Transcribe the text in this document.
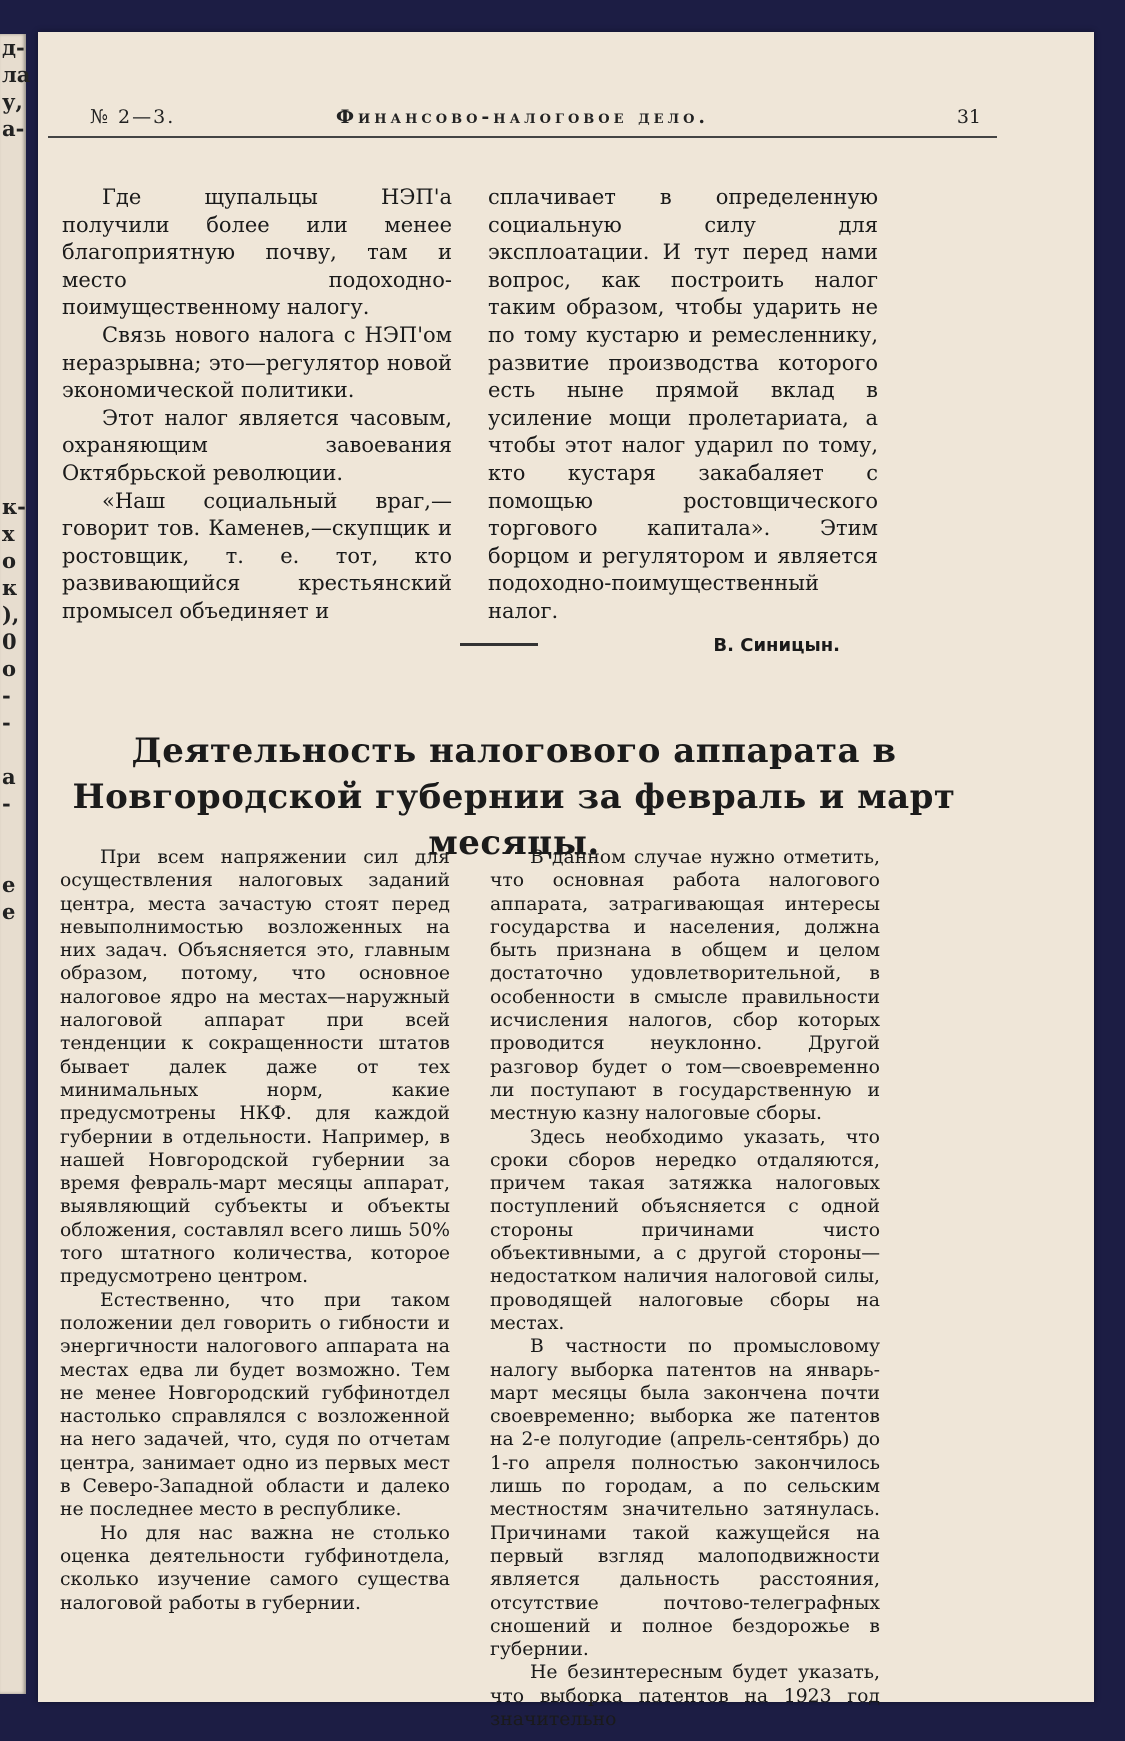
д-
ла
у,
а-

к-
х
о
к
),
0
о
-
-

а
-

е
е
№ 2—3.	Финансово-налоговое дело.	31

Где щупальцы НЭП'а получили более или менее благоприятную почву, там и место подоходно-поимущественному налогу.

Связь нового налога с НЭП'ом неразрывна; это—регулятор новой экономической политики.

Этот налог является часовым, охраняющим завоевания Октябрьской революции.

«Наш социальный враг,—говорит тов. Каменев,—скупщик и ростовщик, т. е. тот, кто развивающийся крестьянский промысел объединяет и

сплачивает в определенную социальную силу для эксплоатации. И тут перед нами вопрос, как построить налог таким образом, чтобы ударить не по тому кустарю и ремесленнику, развитие производства которого есть ныне прямой вклад в усиление мощи пролетариата, а чтобы этот налог ударил по тому, кто кустаря закабаляет с помощью ростовщического торгового капитала». Этим борцом и регулятором и является подоходно-поимущественный налог.

В. Синицын.

Деятельность налогового аппарата в Новгородской губернии за февраль и март месяцы.

При всем напряжении сил для осуществления налоговых заданий центра, места зачастую стоят перед невыполнимостью возложенных на них задач. Объясняется это, главным образом, потому, что основное налоговое ядро на местах—наружный налоговой аппарат при всей тенденции к сокращенности штатов бывает далек даже от тех минимальных норм, какие предусмотрены НКФ. для каждой губернии в отдельности. Например, в нашей Новгородской губернии за время февраль-март месяцы аппарат, выявляющий субъекты и объекты обложения, составлял всего лишь 50% того штатного количества, которое предусмотрено центром.

Естественно, что при таком положении дел говорить о гибности и энергичности налогового аппарата на местах едва ли будет возможно. Тем не менее Новгородский губфинотдел настолько справлялся с возложенной на него задачей, что, судя по отчетам центра, занимает одно из первых мест в Северо-Западной области и далеко не последнее место в республике.

Но для нас важна не столько оценка деятельности губфинотдела, сколько изучение самого существа налоговой работы в губернии.

В данном случае нужно отметить, что основная работа налогового аппарата, затрагивающая интересы государства и населения, должна быть признана в общем и целом достаточно удовлетворительной, в особенности в смысле правильности исчисления налогов, сбор которых проводится неуклонно. Другой разговор будет о том—своевременно ли поступают в государственную и местную казну налоговые сборы.

Здесь необходимо указать, что сроки сборов нередко отдаляются, причем такая затяжка налоговых поступлений объясняется с одной стороны причинами чисто объективными, а с другой стороны—недостатком наличия налоговой силы, проводящей налоговые сборы на местах.

В частности по промысловому налогу выборка патентов на январь-март месяцы была закончена почти своевременно; выборка же патентов на 2-е полугодие (апрель-сентябрь) до 1-го апреля полностью закончилось лишь по городам, а по сельским местностям значительно затянулась. Причинами такой кажущейся на первый взгляд малоподвижности является дальность расстояния, отсутствие почтово-телеграфных сношений и полное бездорожье в губернии.

Не безинтересным будет указать, что выборка патентов на 1923 год значительно
